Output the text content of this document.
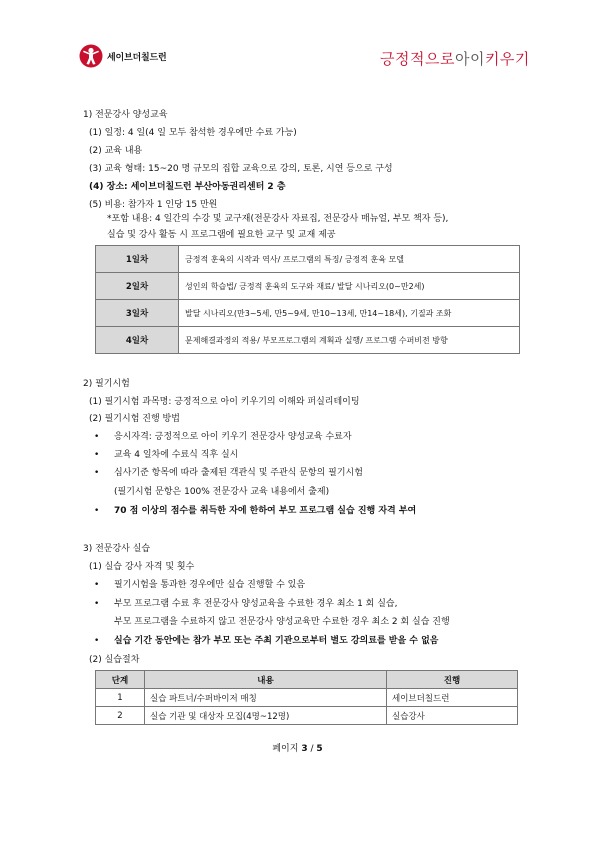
세이브더칠드런	긍정적으로아이키우기
1) 전문강사 양성교육
(1) 일정: 4 일(4 일 모두 참석한 경우에만 수료 가능)
(2) 교육 내용
(3) 교육 형태: 15~20 명 규모의 집합 교육으로 강의, 토론, 시연 등으로 구성
(4) 장소: 세이브더칠드런 부산아동권리센터 2 층
(5) 비용: 참가자 1 인당 15 만원
*포함 내용: 4 일간의 수강 및 교구재(전문강사 자료집, 전문강사 매뉴얼, 부모 책자 등),
실습 및 강사 활동 시 프로그램에 필요한 교구 및 교재 제공
1일차	긍정적 훈육의 시작과 역사/ 프로그램의 특징/ 긍정적 훈육 모델
2일차	성인의 학습법/ 긍정적 훈육의 도구와 재료/ 발달 시나리오(0~만2세)
3일차	발달 시나리오(만3~5세, 만5~9세, 만10~13세, 만14~18세), 기질과 조화
4일차	문제해결과정의 적용/ 부모프로그램의 계획과 실행/ 프로그램 수퍼비전 방향
2) 필기시험
(1) 필기시험 과목명: 긍정적으로 아이 키우기의 이해와 퍼실리테이팅
(2) 필기시험 진행 방법
• 응시자격: 긍정적으로 아이 키우기 전문강사 양성교육 수료자
• 교육 4 일차에 수료식 직후 실시
• 심사기준 항목에 따라 출제된 객관식 및 주관식 문항의 필기시험
(필기시험 문항은 100% 전문강사 교육 내용에서 출제)
• 70 점 이상의 점수를 취득한 자에 한하여 부모 프로그램 실습 진행 자격 부여
3) 전문강사 실습
(1) 실습 강사 자격 및 횟수
• 필기시험을 통과한 경우에만 실습 진행할 수 있음
• 부모 프로그램 수료 후 전문강사 양성교육을 수료한 경우 최소 1 회 실습,
부모 프로그램을 수료하지 않고 전문강사 양성교육만 수료한 경우 최소 2 회 실습 진행
• 실습 기간 동안에는 참가 부모 또는 주최 기관으로부터 별도 강의료를 받을 수 없음
(2) 실습절차
단계	내용	진행
1	실습 파트너/수퍼바이저 매칭	세이브더칠드런
2	실습 기관 및 대상자 모집(4명~12명)	실습강사
페이지 3 / 5
